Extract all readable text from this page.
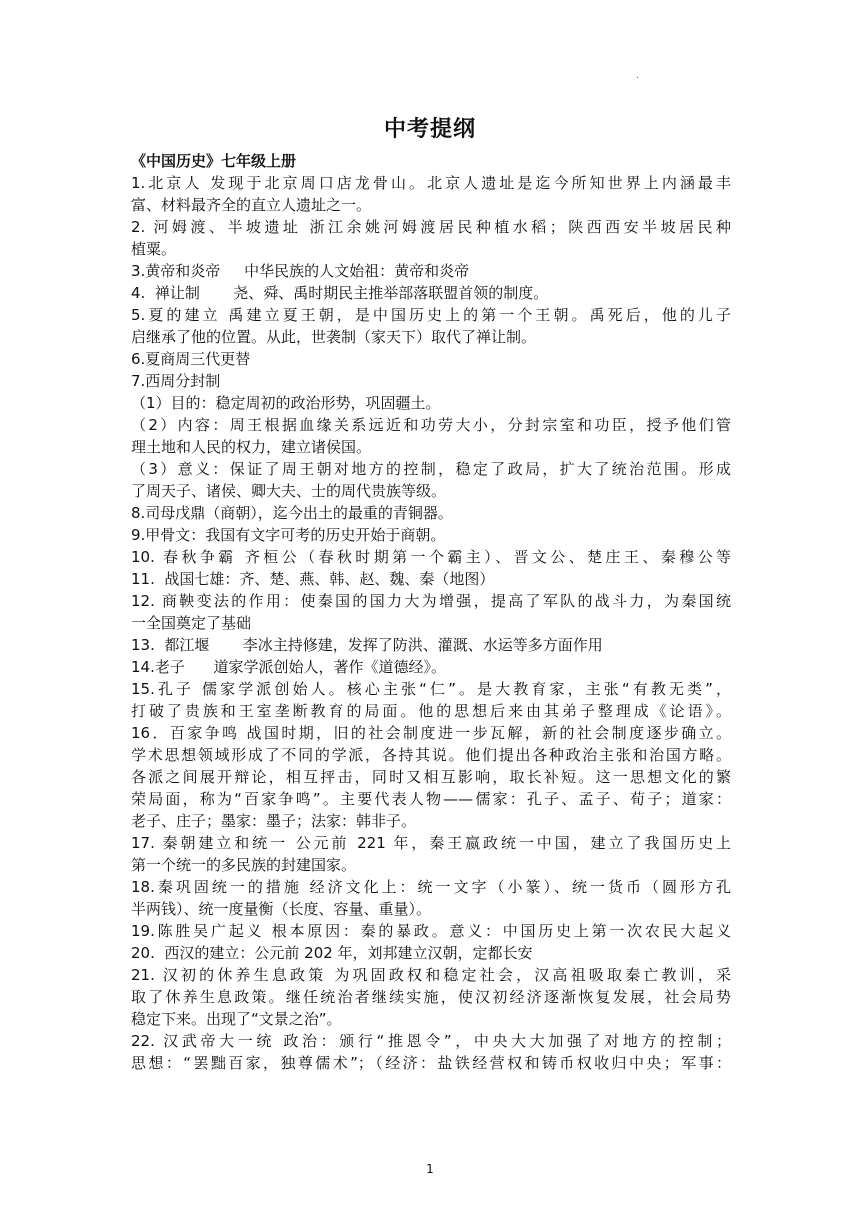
.
中考提纲

《中国历史》七年级上册

1.北京人 发现于北京周口店龙骨山。北京人遗址是迄今所知世界上内涵最丰

富、材料最齐全的直立人遗址之一。

2. 河姆渡、半坡遗址 浙江余姚河姆渡居民种植水稻；陕西西安半坡居民种

植粟。

3.黄帝和炎帝     中华民族的人文始祖：黄帝和炎帝

4.  禅让制       尧、舜、禹时期民主推举部落联盟首领的制度。

5.夏的建立 禹建立夏王朝，是中国历史上的第一个王朝。禹死后，他的儿子

启继承了他的位置。从此，世袭制（家天下）取代了禅让制。

6.夏商周三代更替

7.西周分封制

（1）目的：稳定周初的政治形势，巩固疆土。

（2）内容：周王根据血缘关系远近和功劳大小，分封宗室和功臣，授予他们管

理土地和人民的权力，建立诸侯国。

（3）意义：保证了周王朝对地方的控制，稳定了政局，扩大了统治范围。形成

了周天子、诸侯、卿大夫、士的周代贵族等级。

8.司母戊鼎（商朝），迄今出土的最重的青铜器。

9.甲骨文：我国有文字可考的历史开始于商朝。

10. 春秋争霸 齐桓公（春秋时期第一个霸主）、晋文公、楚庄王、秦穆公等

11.  战国七雄：齐、楚、燕、韩、赵、魏、秦（地图）

12. 商鞅变法的作用：使秦国的国力大为增强，提高了军队的战斗力，为秦国统

一全国奠定了基础

13.  都江堰       李冰主持修建，发挥了防洪、灌溉、水运等多方面作用

14.老子      道家学派创始人，著作《道德经》。

15.孔子 儒家学派创始人。核心主张“仁”。是大教育家，主张“有教无类”，

打破了贵族和王室垄断教育的局面。他的思想后来由其弟子整理成《论语》。

16．百家争鸣 战国时期，旧的社会制度进一步瓦解，新的社会制度逐步确立。

学术思想领域形成了不同的学派，各持其说。他们提出各种政治主张和治国方略。

各派之间展开辩论，相互抨击，同时又相互影响，取长补短。这一思想文化的繁

荣局面，称为“百家争鸣”。主要代表人物——儒家：孔子、孟子、荀子；道家：

老子、庄子；墨家：墨子；法家：韩非子。

17. 秦朝建立和统一 公元前 221 年，秦王嬴政统一中国，建立了我国历史上

第一个统一的多民族的封建国家。

18.秦巩固统一的措施 经济文化上：统一文字（小篆）、统一货币（圆形方孔

半两钱）、统一度量衡（长度、容量、重量）。

19.陈胜吴广起义 根本原因：秦的暴政。意义：中国历史上第一次农民大起义

20.  西汉的建立：公元前 202 年，刘邦建立汉朝，定都长安

21. 汉初的休养生息政策 为巩固政权和稳定社会，汉高祖吸取秦亡教训，采

取了休养生息政策。继任统治者继续实施，使汉初经济逐渐恢复发展，社会局势

稳定下来。出现了“文景之治”。

22. 汉武帝大一统 政治：颁行“推恩令”，中央大大加强了对地方的控制；

思想：“罢黜百家，独尊儒术”；（经济：盐铁经营权和铸币权收归中央；军事：

1
